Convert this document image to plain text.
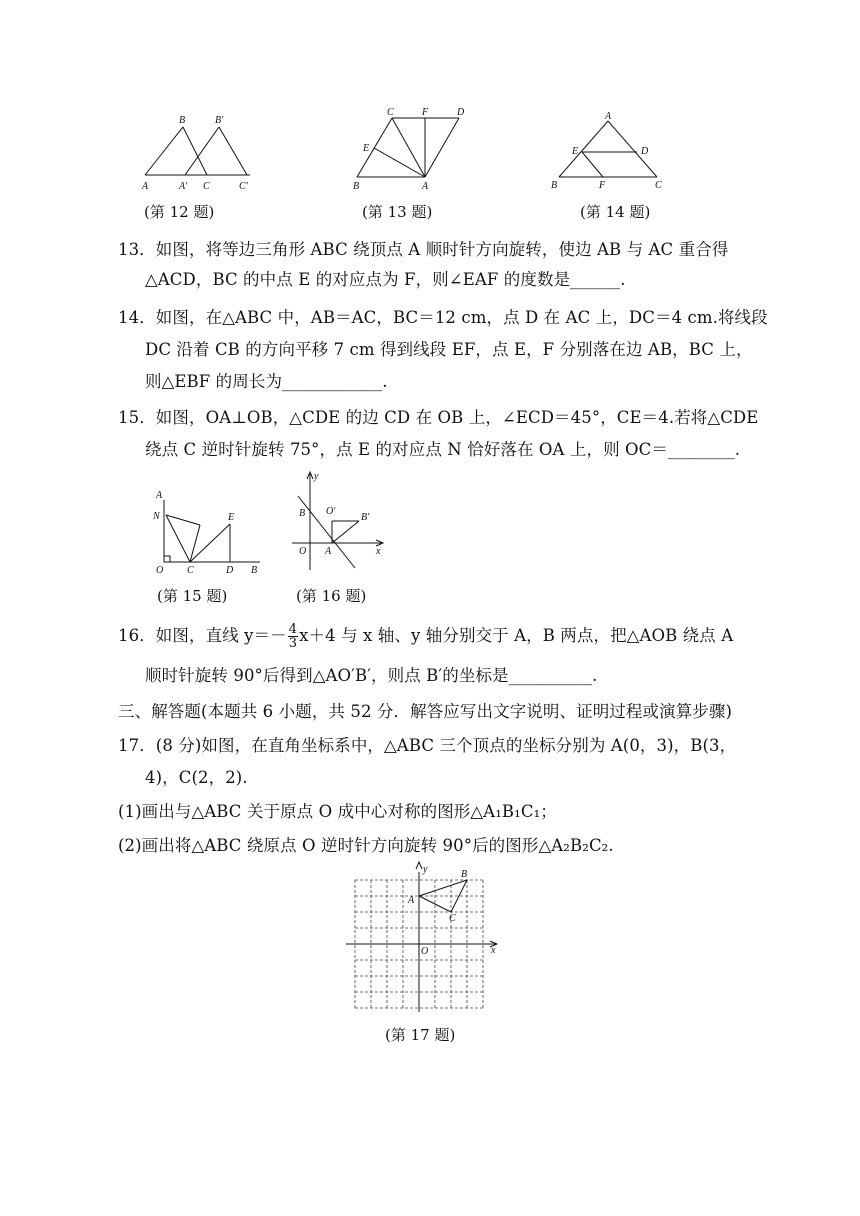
B	B′
A	A′ C	C′
(第 12 题)
C	F	D
E
B	A
(第 13 题)
A
E	D
B	F	C
(第 14 题)
13．如图，将等边三角形 ABC 绕顶点 A 顺时针方向旋转，使边 AB 与 AC 重合得
△ACD，BC 的中点 E 的对应点为 F，则∠EAF 的度数是______.
14．如图，在△ABC 中，AB＝AC，BC＝12 cm，点 D 在 AC 上，DC＝4 cm.将线段
DC 沿着 CB 的方向平移 7 cm 得到线段 EF，点 E，F 分别落在边 AB，BC 上，
则△EBF 的周长为____________.
15．如图，OA⊥OB，△CDE 的边 CD 在 OB 上，∠ECD＝45°，CE＝4.若将△CDE
绕点 C 逆时针旋转 75°，点 E 的对应点 N 恰好落在 OA 上，则 OC＝________.
A
N	E
O C	D B
(第 15 题)
y
B O′
B′
O A	x
(第 16 题)
16．如图，直线 $y=- \frac{4}{3} x+4$ 与 x 轴、y 轴分别交于 A，B 两点，把△AOB 绕点 A
顺时针旋转 90°后得到△AO′B′，则点 B′的坐标是__________.
三、解答题(本题共 6 小题，共 52 分．解答应写出文字说明、证明过程或演算步骤)
17．(8 分)如图，在直角坐标系中，△ABC 三个顶点的坐标分别为 A(0，3)，B(3，
4)，C(2，2).
(1)画出与△ABC 关于原点 O 成中心对称的图形△A₁B₁C₁；
(2)画出将△ABC 绕原点 O 逆时针方向旋转 90°后的图形△A₂B₂C₂.
y	B
A
C
O	x
(第 17 题)
